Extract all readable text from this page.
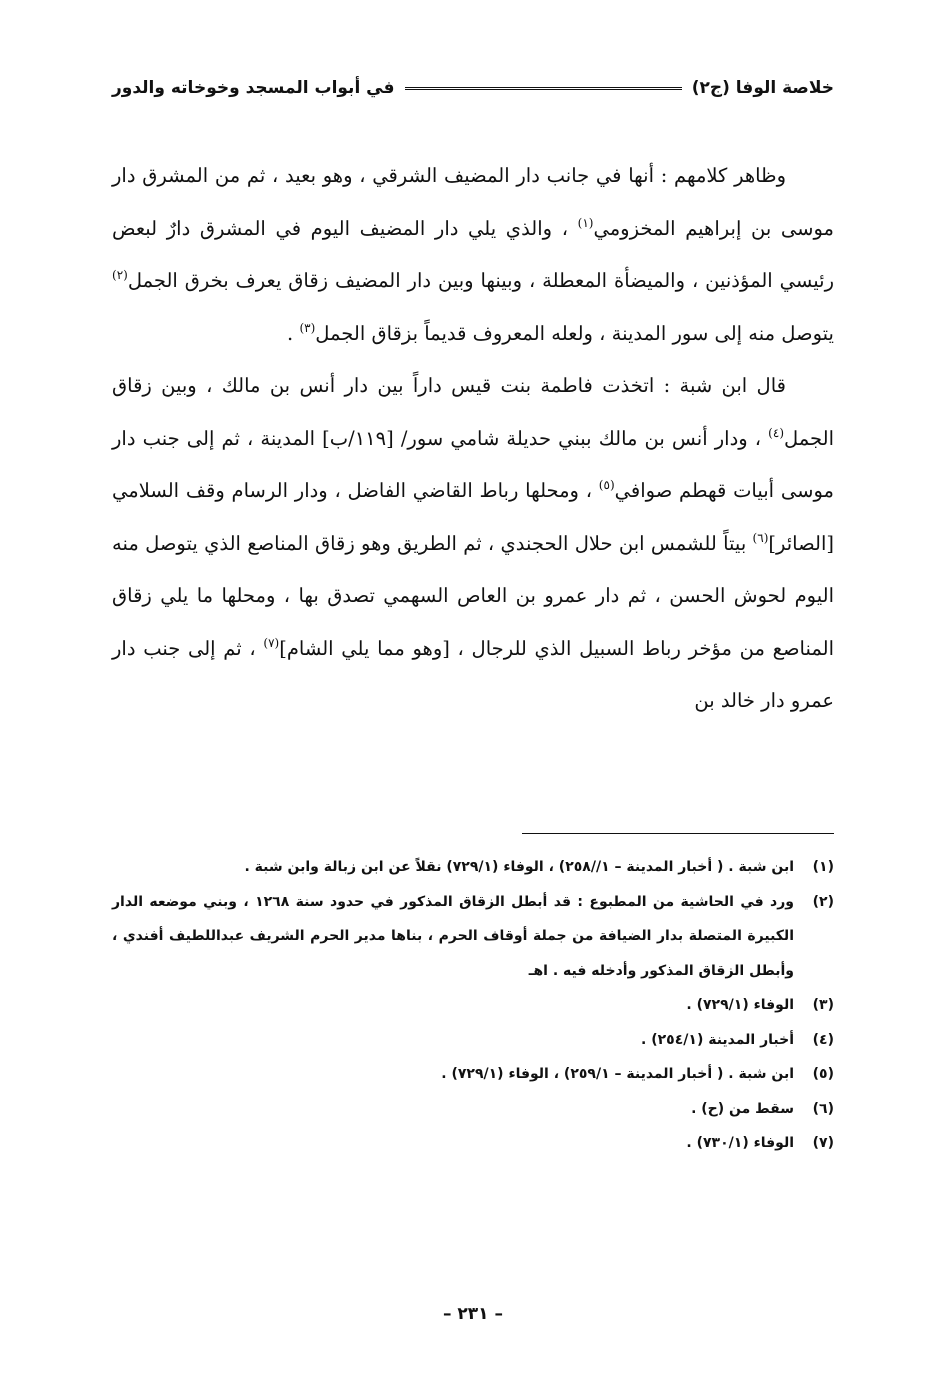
خلاصة الوفا (ج٢)
في أبواب المسجد وخوخاته والدور

وظاهر كلامهم : أنها في جانب دار المضيف الشرقي ، وهو بعيد ، ثم من المشرق دار موسى بن إبراهيم المخزومي$^{(١)}$ ، والذي يلي دار المضيف اليوم في المشرق دارٌ لبعض رئيسي المؤذنين ، والميضأة المعطلة ، وبينها وبين دار المضيف زقاق يعرف بخرق الجمل$^{(٢)}$ يتوصل منه إلى سور المدينة ، ولعله المعروف قديماً بزقاق الجمل$^{(٣)}$ .

قال ابن شبة : اتخذت فاطمة بنت قيس داراً بين دار أنس بن مالك ، وبين زقاق الجمل$^{(٤)}$ ، ودار أنس بن مالك ببني حديلة شامي سور/ [١١٩/ب] المدينة ، ثم إلى جنب دار موسى أبيات قهطم صوافي$^{(٥)}$ ، ومحلها رباط القاضي الفاضل ، ودار الرسام وقف السلامي [الصائر]$^{(٦)}$ بيتاً للشمس ابن حلال الحجندي ، ثم الطريق وهو زقاق المناصع الذي يتوصل منه اليوم لحوش الحسن ، ثم دار عمرو بن العاص السهمي تصدق بها ، ومحلها ما يلي زقاق المناصع من مؤخر رباط السبيل الذي للرجال ، [وهو مما يلي الشام]$^{(٧)}$ ، ثم إلى جنب دار عمرو دار خالد بن

(١)
ابن شبة . ( أخبار المدينة – ١//٢٥٨) ، الوفاء (٧٢٩/١) نقلاً عن ابن زبالة وابن شبة .
(٢)
ورد في الحاشية من المطبوع : قد أبطل الزقاق المذكور في حدود سنة ١٢٦٨ ، وبني موضعه الدار الكبيرة المتصلة بدار الضيافة من جملة أوقاف الحرم ، بناها مدير الحرم الشريف عبداللطيف أفندي ، وأبطل الزقاق المذكور وأدخله فيه . اهـ
(٣)
الوفاء (٧٢٩/١) .
(٤)
أخبار المدينة (٢٥٤/١) .
(٥)
ابن شبة . ( أخبار المدينة – ٢٥٩/١) ، الوفاء (٧٢٩/١) .
(٦)
سقط من (ح) .
(٧)
الوفاء (٧٣٠/١) .
– ٢٣١ –
